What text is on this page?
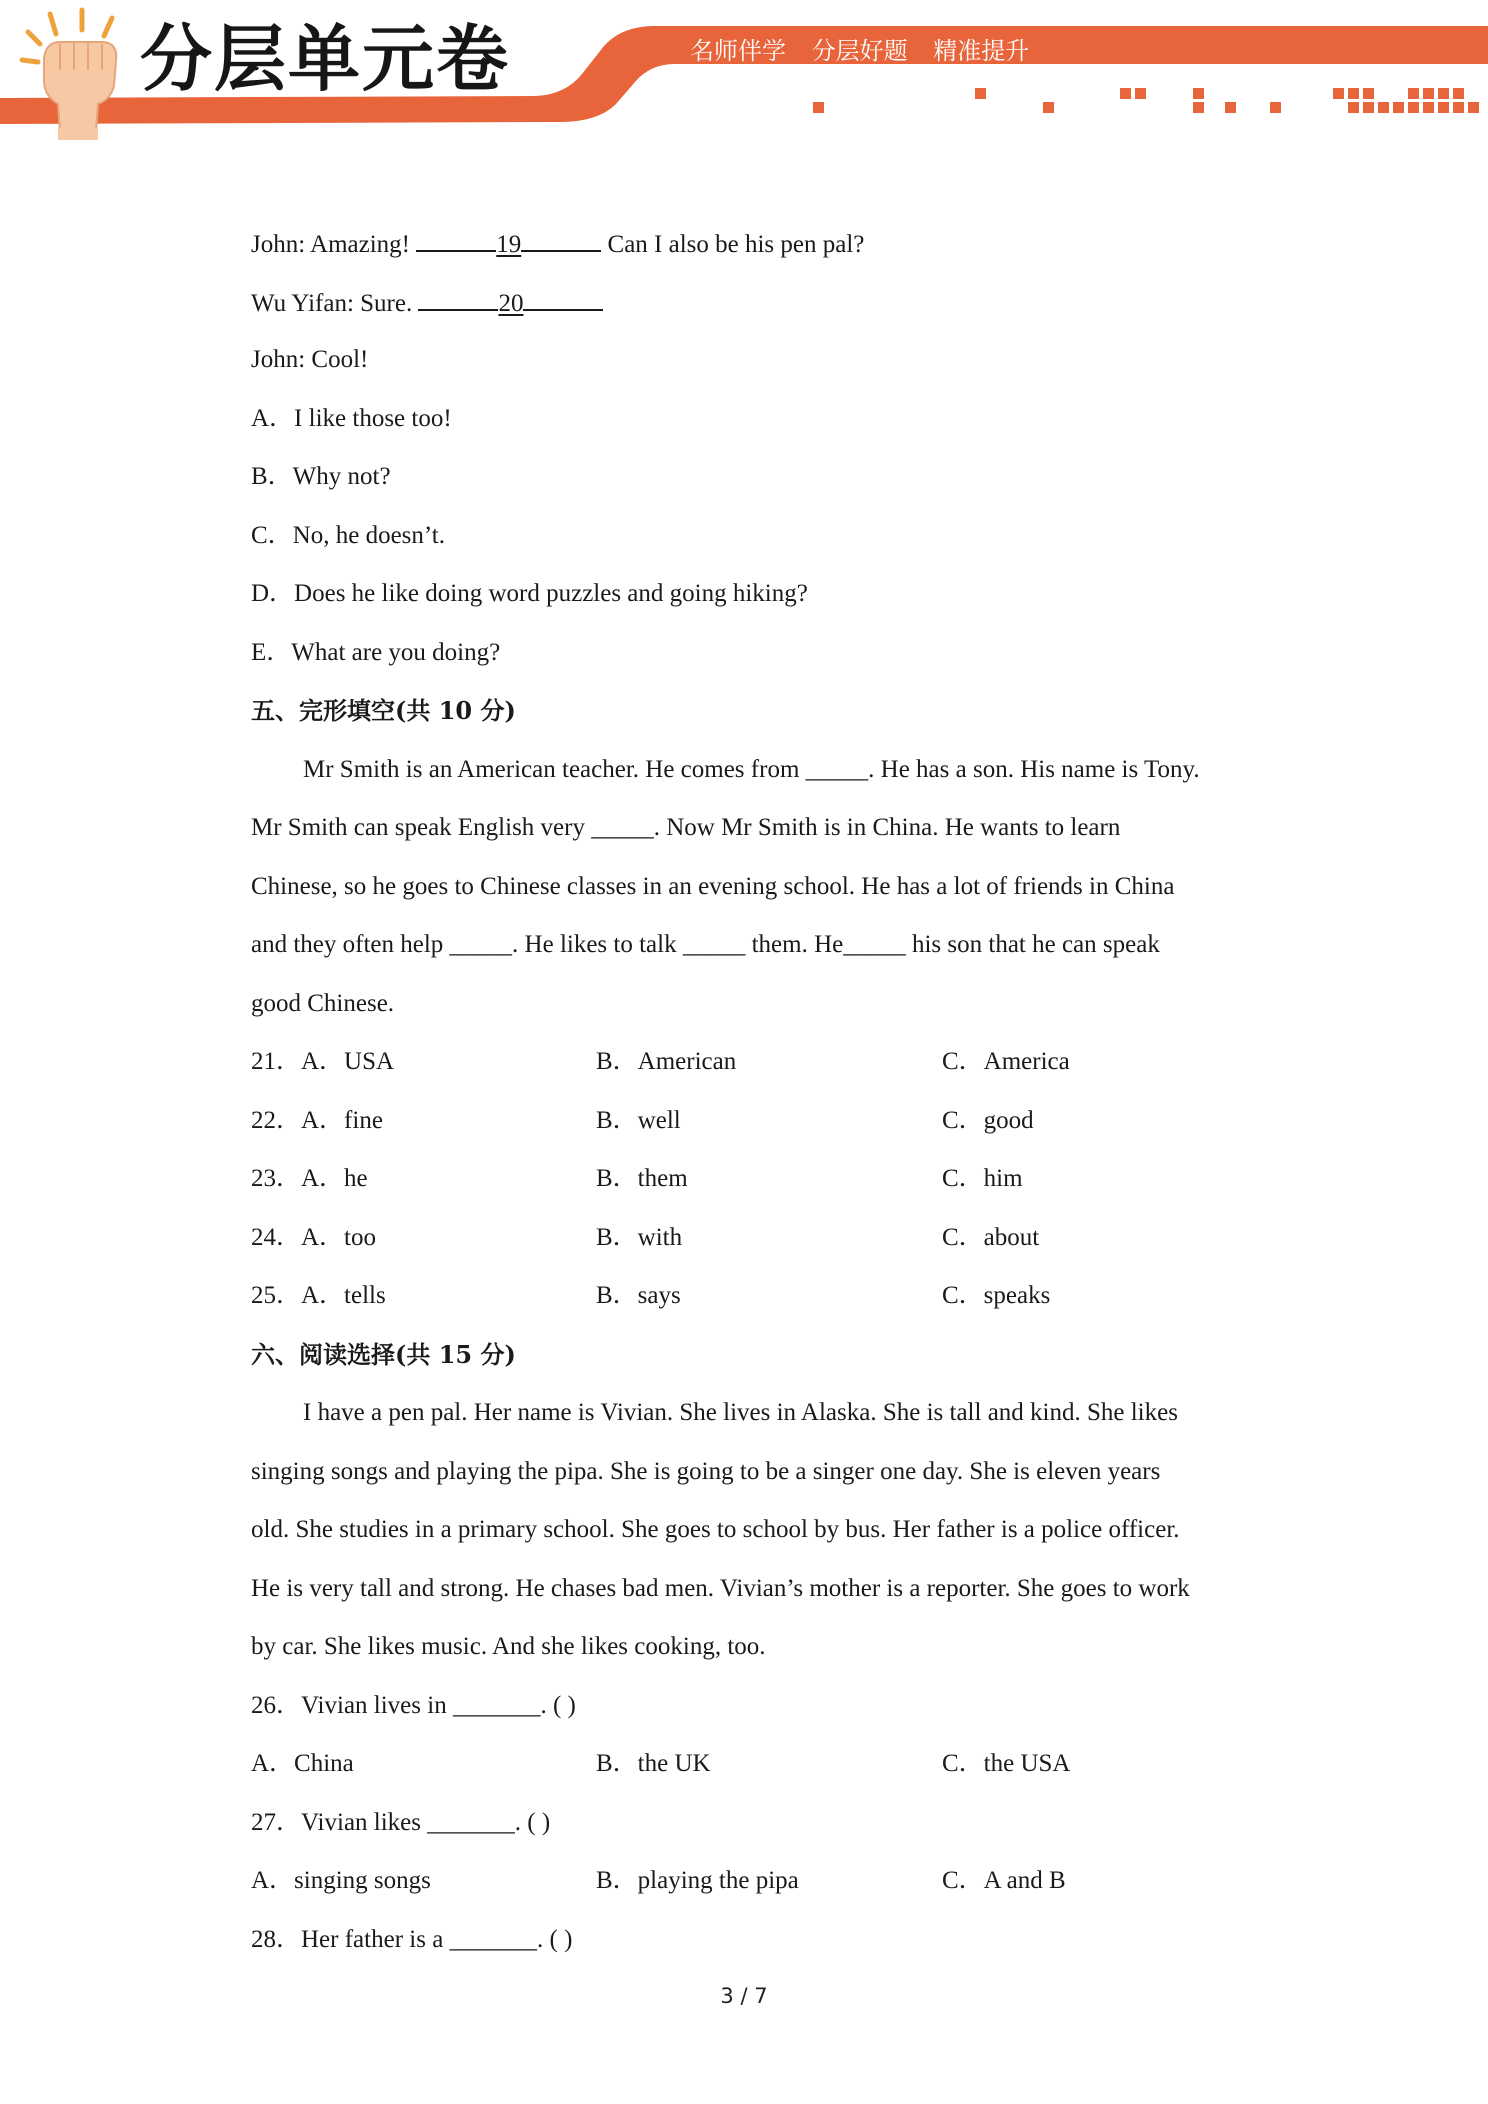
分层单元卷	名师伴学 分层好题 精准提升
John: Amazing!	19	Can I also be his pen pal?
Wu Yifan: Sure.	20
John: Cool!
A．I like those too!
B．Why not?
C．No, he doesn’t.
D．Does he like doing word puzzles and going hiking?
E．What are you doing?
五、完形填空(共 10 分)
Mr Smith is an American teacher. He comes from _____. He has a son. His name is Tony.
Mr Smith can speak English very _____. Now Mr Smith is in China. He wants to learn
Chinese, so he goes to Chinese classes in an evening school. He has a lot of friends in China
and they often help _____. He likes to talk _____ them. He_____ his son that he can speak
good Chinese.
21．A．USA	B．American	C．America
22．A．fine	B．well	C．good
23．A．he	B．them	C．him
24．A．too	B．with	C．about
25．A．tells	B．says	C．speaks
六、阅读选择(共 15 分)
I have a pen pal. Her name is Vivian. She lives in Alaska. She is tall and kind. She likes
singing songs and playing the pipa. She is going to be a singer one day. She is eleven years
old. She studies in a primary school. She goes to school by bus. Her father is a police officer.
He is very tall and strong. He chases bad men. Vivian’s mother is a reporter. She goes to work
by car. She likes music. And she likes cooking, too.
26．Vivian lives in _______. ( )
A．China	B．the UK	C．the USA
27．Vivian likes _______. ( )
A．singing songs	B．playing the pipa	C．A and B
28．Her father is a _______. ( )
3 / 7
